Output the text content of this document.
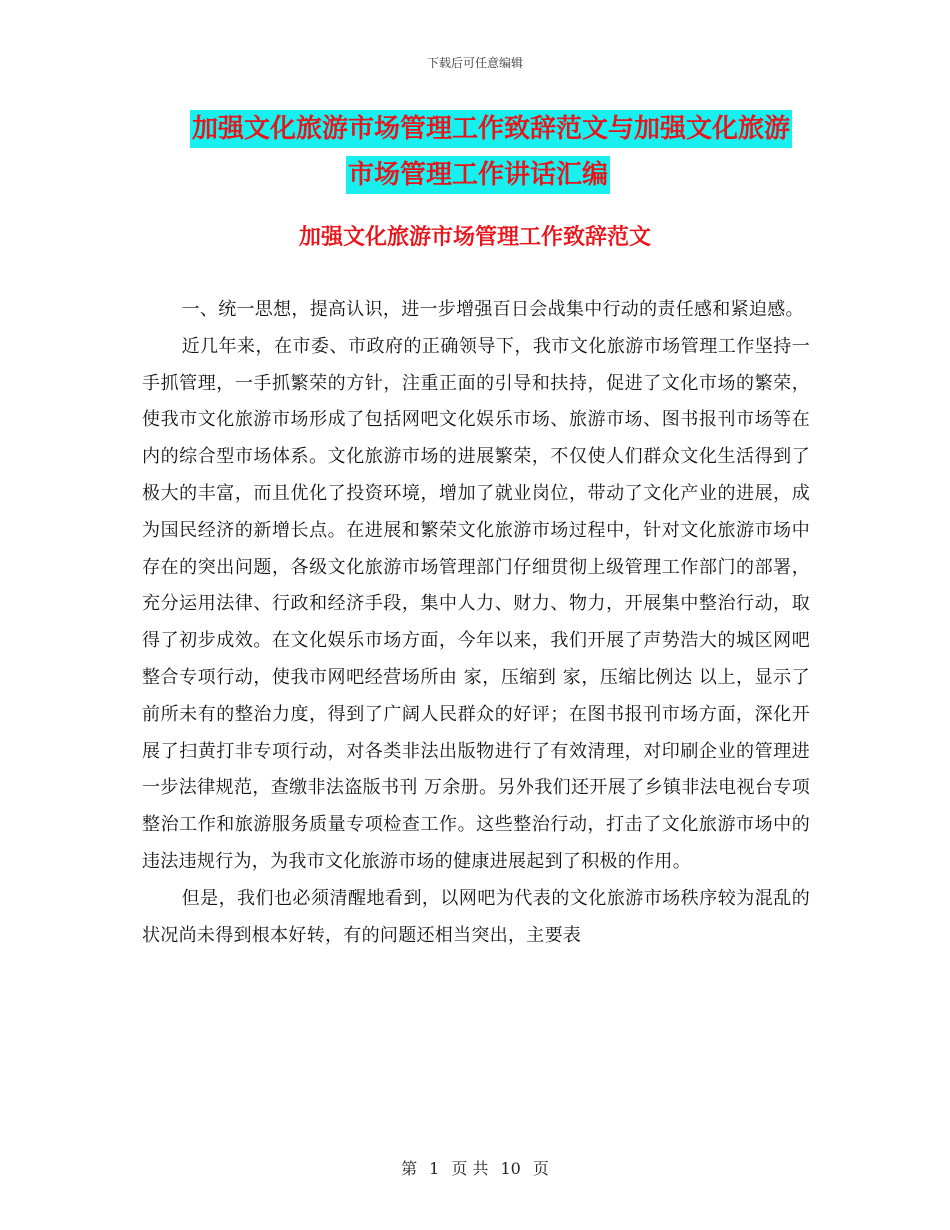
下载后可任意编辑
加强文化旅游市场管理工作致辞范文与加强文化旅游
市场管理工作讲话汇编
加强文化旅游市场管理工作致辞范文

一、统一思想，提高认识，进一步增强百日会战集中行动的责任感和紧迫感。

近几年来，在市委、市政府的正确领导下，我市文化旅游市场管理工作坚持一手抓管理，一手抓繁荣的方针，注重正面的引导和扶持，促进了文化市场的繁荣，使我市文化旅游市场形成了包括网吧文化娱乐市场、旅游市场、图书报刊市场等在内的综合型市场体系。文化旅游市场的进展繁荣，不仅使人们群众文化生活得到了极大的丰富，而且优化了投资环境，增加了就业岗位，带动了文化产业的进展，成为国民经济的新增长点。在进展和繁荣文化旅游市场过程中，针对文化旅游市场中存在的突出问题，各级文化旅游市场管理部门仔细贯彻上级管理工作部门的部署，充分运用法律、行政和经济手段，集中人力、财力、物力，开展集中整治行动，取得了初步成效。在文化娱乐市场方面，今年以来，我们开展了声势浩大的城区网吧整合专项行动，使我市网吧经营场所由 家，压缩到 家，压缩比例达 以上，显示了前所未有的整治力度，得到了广阔人民群众的好评；在图书报刊市场方面，深化开展了扫黄打非专项行动，对各类非法出版物进行了有效清理，对印刷企业的管理进一步法律规范，查缴非法盗版书刊 万余册。另外我们还开展了乡镇非法电视台专项整治工作和旅游服务质量专项检查工作。这些整治行动，打击了文化旅游市场中的违法违规行为，为我市文化旅游市场的健康进展起到了积极的作用。

但是，我们也必须清醒地看到，以网吧为代表的文化旅游市场秩序较为混乱的状况尚未得到根本好转，有的问题还相当突出，主要表

第 1 页 共 10 页
